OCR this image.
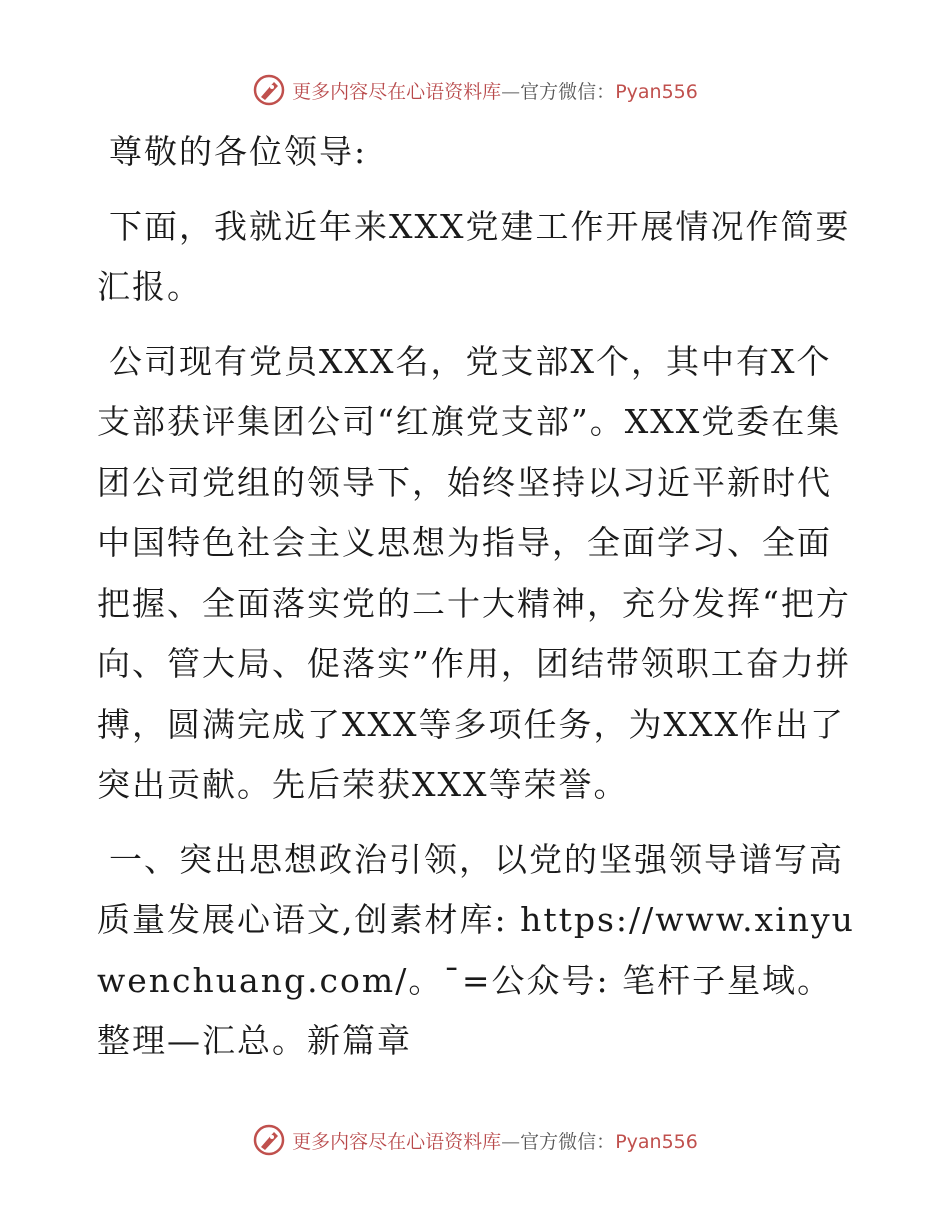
更多内容尽在心语资料库—官方微信：Pyan556

尊敬的各位领导:

下面，我就近年来XXX党建工作开展情况作简要汇报。

公司现有党员XXX名，党支部X个，其中有X个支部获评集团公司“红旗党支部”。XXX党委在集团公司党组的领导下，始终坚持以习近平新时代中国特色社会主义思想为指导，全面学习、全面把握、全面落实党的二十大精神，充分发挥“把方向、管大局、促落实”作用，团结带领职工奋力拼搏，圆满完成了XXX等多项任务，为XXX作出了突出贡献。先后荣获XXX等荣誉。

一、突出思想政治引领，以党的坚强领导谱写高质量发展心语文,创素材库: https://www.xinyuwenchuang.com/。¯=公众号: 笔杆子星域。整理—汇总。新篇章

更多内容尽在心语资料库—官方微信：Pyan556
